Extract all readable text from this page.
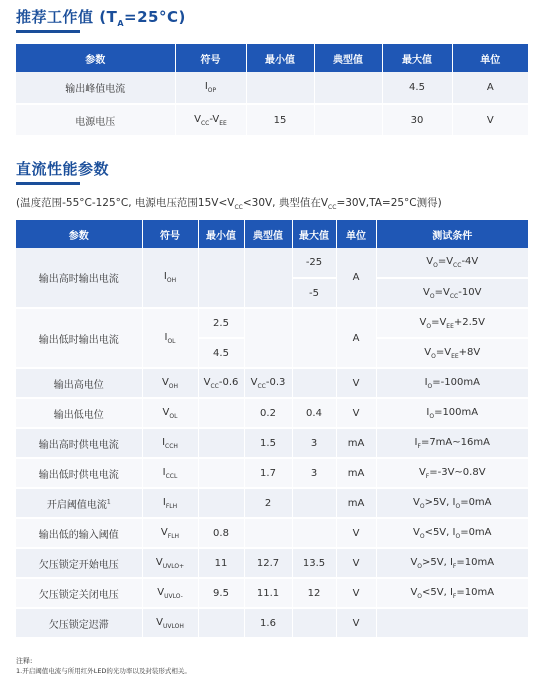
推荐工作值 $(T_A=25^\circ C)$
参数	符号	最小值	典型值	最大值	单位
输出峰值电流	$I_{OP}$			4.5	A
电源电压	$V_{CC}-V_{EE}$	15		30	V
直流性能参数
(温度范围-55°C-125°C, 电源电压范围$15V<V_{CC}<30V$, 典型值在$V_{CC}=30V,TA=25^\circ C$测得)
参数	符号	最小值	典型值	最大值	单位	测试条件
输出高时输出电流	$I_{OH}$			-25	A	$V_O=V_{CC}-4V$
				-5		$V_O=V_{CC}-10V$
输出低时输出电流	$I_{OL}$	2.5			A	$V_O=V_{EE}+2.5V$
		4.5				$V_O=V_{EE}+8V$
输出高电位	$V_{OH}$	$V_{CC}-0.6$	$V_{CC}-0.3$		V	$I_O=-100mA$
输出低电位	$V_{OL}$		0.2	0.4	V	$I_O=100mA$
输出高时供电电流	$I_{CCH}$		1.5	3	mA	$I_F=7mA\sim 16mA$
输出低时供电电流	$I_{CCL}$		1.7	3	mA	$V_F=-3V\sim 0.8V$
开启阈值电流$^1$	$I_{FLH}$		2		mA	$V_O>5V$, $I_O=0mA$
输出低的输入阈值	$V_{FLH}$	0.8			V	$V_O<5V$, $I_O=0mA$
欠压锁定开始电压	$V_{UVLO+}$	11	12.7	13.5	V	$V_O>5V$, $I_F=10mA$
欠压锁定关闭电压	$V_{UVLO-}$	9.5	11.1	12	V	$V_O<5V$, $I_F=10mA$
欠压锁定迟滞	$V_{UVLOH}$		1.6		V	
注释:
1.开启阈值电流与所用红外LED的光功率以及封装形式相关。
